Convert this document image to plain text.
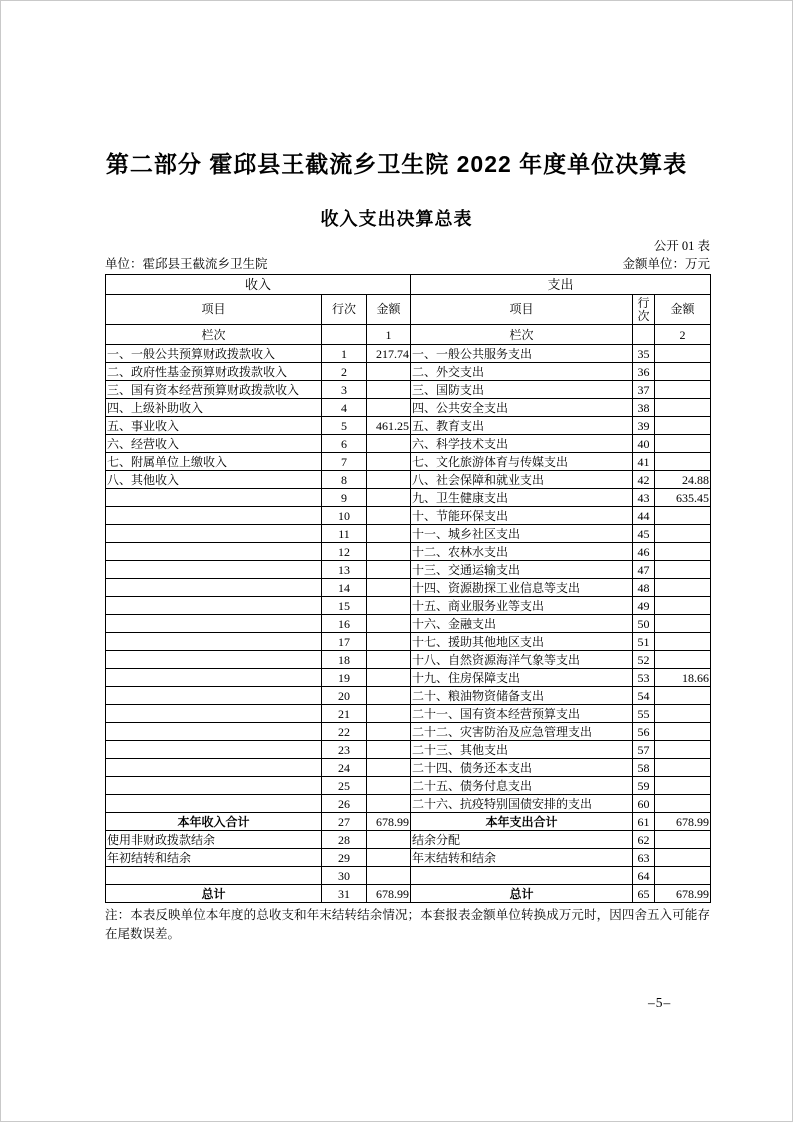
第二部分 霍邱县王截流乡卫生院 2022 年度单位决算表
收入支出决算总表
公开 01 表
单位：霍邱县王截流乡卫生院	金额单位：万元
收入			支出		
项目	行次	金额	项目	行次	金额
栏次		1	栏次		2
一、一般公共预算财政拨款收入	1	217.74	一、一般公共服务支出	35	
二、政府性基金预算财政拨款收入	2		二、外交支出	36	
三、国有资本经营预算财政拨款收入	3		三、国防支出	37	
四、上级补助收入	4		四、公共安全支出	38	
五、事业收入	5	461.25	五、教育支出	39	
六、经营收入	6		六、科学技术支出	40	
七、附属单位上缴收入	7		七、文化旅游体育与传媒支出	41	
八、其他收入	8		八、社会保障和就业支出	42	24.88
	9		九、卫生健康支出	43	635.45
	10		十、节能环保支出	44	
	11		十一、城乡社区支出	45	
	12		十二、农林水支出	46	
	13		十三、交通运输支出	47	
	14		十四、资源勘探工业信息等支出	48	
	15		十五、商业服务业等支出	49	
	16		十六、金融支出	50	
	17		十七、援助其他地区支出	51	
	18		十八、自然资源海洋气象等支出	52	
	19		十九、住房保障支出	53	18.66
	20		二十、粮油物资储备支出	54	
	21		二十一、国有资本经营预算支出	55	
	22		二十二、灾害防治及应急管理支出	56	
	23		二十三、其他支出	57	
	24		二十四、债务还本支出	58	
	25		二十五、债务付息支出	59	
	26		二十六、抗疫特别国债安排的支出	60	
本年收入合计	27	678.99	本年支出合计	61	678.99
使用非财政拨款结余	28		结余分配	62	
年初结转和结余	29		年末结转和结余	63	
	30			64	
总计	31	678.99	总计	65	678.99
注：本表反映单位本年度的总收支和年末结转结余情况；本套报表金额单位转换成万元时，因四舍五入可能存在尾数误差。
–5–
